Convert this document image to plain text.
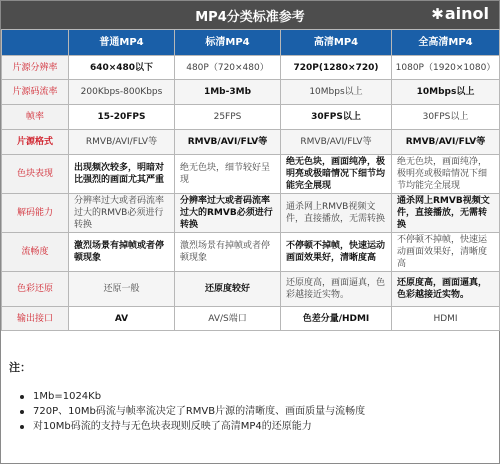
MP4分类标准参考	✱ainol
	普通MP4	标清MP4	高清MP4	全高清MP4
片源分辨率	640×480以下	480P（720×480）	720P(1280×720)	1080P（1920×1080）
片源码流率	200Kbps-800Kbps	1Mb-3Mb	10Mbps以上	10Mbps以上
帧率	15-20FPS	25FPS	30FPS以上	30FPS以上
片源格式	RMVB/AVI/FLV等	RMVB/AVI/FLV等	RMVB/AVI/FLV等	RMVB/AVI/FLV等
色块表现	出现频次较多，明暗对比强烈的画面尤其严重	绝无色块，细节较好呈现	绝无色块，画面纯净，极明亮或极暗情况下细节均能完全展现	绝无色块，画面纯净，极明亮或极暗情况下细节均能完全展现
解码能力	分辨率过大或者码流率过大的RMVB必须进行转换	分辨率过大或者码流率过大的RMVB必须进行转换	通杀网上RMVB视频文件，直接播放，无需转换	通杀网上RMVB视频文件，直接播放，无需转换
流畅度	激烈场景有掉帧或者停顿现象	激烈场景有掉帧或者停顿现象	不停顿不掉帧，快速运动画面效果好，清晰度高	不停顿不掉帧，快速运动画面效果好，清晰度高
色彩还原	还原一般	还原度较好	还原度高，画面逼真，色彩越接近实物。	还原度高，画面逼真，色彩越接近实物。
输出接口	AV	AV/S端口	色差分量/HDMI	HDMI
注：
1Mb=1024Kb
720P、10Mb码流与帧率流决定了RMVB片源的清晰度、画面质量与流畅度
对10Mb码流的支持与无色块表现则反映了高清MP4的还原能力
